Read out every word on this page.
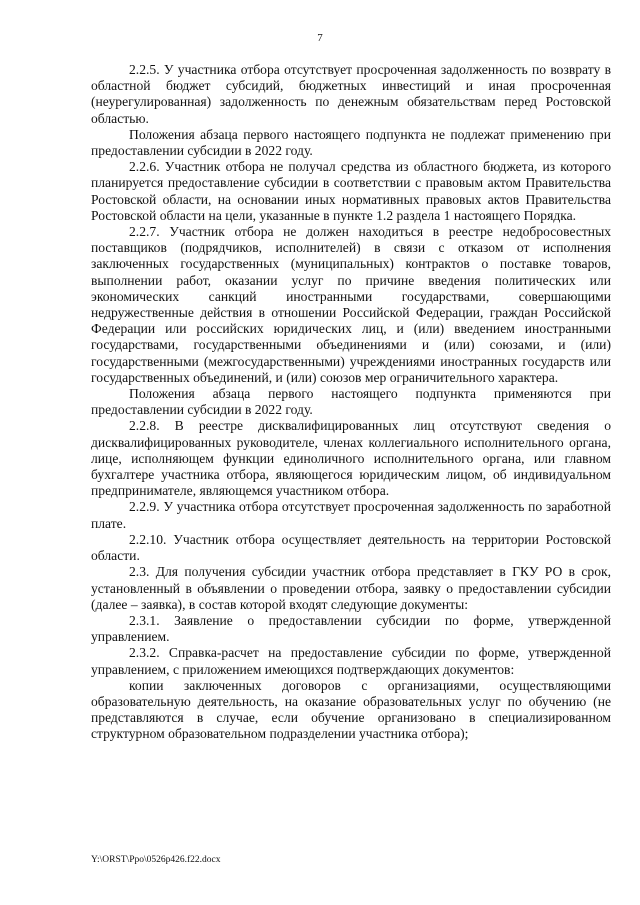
7

2.2.5. У участника отбора отсутствует просроченная задолженность по возврату в областной бюджет субсидий, бюджетных инвестиций и иная просроченная (неурегулированная) задолженность по денежным обязательствам перед Ростовской областью.

Положения абзаца первого настоящего подпункта не подлежат применению при предоставлении субсидии в 2022 году.

2.2.6. Участник отбора не получал средства из областного бюджета, из которого планируется предоставление субсидии в соответствии с правовым актом Правительства Ростовской области, на основании иных нормативных правовых актов Правительства Ростовской области на цели, указанные в пункте 1.2 раздела 1 настоящего Порядка.

2.2.7. Участник отбора не должен находиться в реестре недобросовестных поставщиков (подрядчиков, исполнителей) в связи с отказом от исполнения заключенных государственных (муниципальных) контрактов о поставке товаров, выполнении работ, оказании услуг по причине введения политических или экономических санкций иностранными государствами, совершающими недружественные действия в отношении Российской Федерации, граждан Российской Федерации или российских юридических лиц, и (или) введением иностранными государствами, государственными объединениями и (или) союзами, и (или) государственными (межгосударственными) учреждениями иностранных государств или государственных объединений, и (или) союзов мер ограничительного характера.

Положения абзаца первого настоящего подпункта применяются при предоставлении субсидии в 2022 году.

2.2.8. В реестре дисквалифицированных лиц отсутствуют сведения о дисквалифицированных руководителе, членах коллегиального исполнительного органа, лице, исполняющем функции единоличного исполнительного органа, или главном бухгалтере участника отбора, являющегося юридическим лицом, об индивидуальном предпринимателе, являющемся участником отбора.

2.2.9. У участника отбора отсутствует просроченная задолженность по заработной плате.

2.2.10. Участник отбора осуществляет деятельность на территории Ростовской области.

2.3. Для получения субсидии участник отбора представляет в ГКУ РО в срок, установленный в объявлении о проведении отбора, заявку о предоставлении субсидии (далее – заявка), в состав которой входят следующие документы:

2.3.1. Заявление о предоставлении субсидии по форме, утвержденной управлением.

2.3.2. Справка-расчет на предоставление субсидии по форме, утвержденной управлением, с приложением имеющихся подтверждающих документов:

копии заключенных договоров с организациями, осуществляющими образовательную деятельность, на оказание образовательных услуг по обучению (не представляются в случае, если обучение организовано в специализированном структурном образовательном подразделении участника отбора);

Y:\ORST\Ppo\0526p426.f22.docx
